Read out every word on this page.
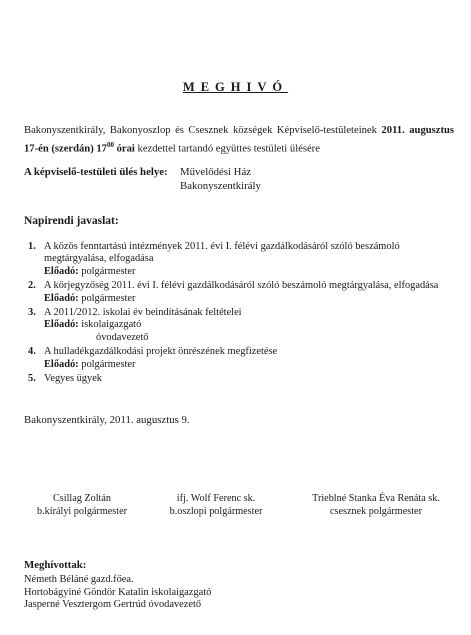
MEGHIVÓ
Bakonyszentkirály, Bakonyoszlop és Csesznek községek Képviselő-testületeinek 2011. augusztus 17-én (szerdán) $17^{00}$ órai kezdettel tartandó együttes testületi ülésére
A képviselő-testületi ülés helye: Művelődési Ház
Bakonyszentkirály
Napirendi javaslat:
1. A közös fenntartású intézmények 2011. évi I. félévi gazdálkodásáról szóló beszámoló megtárgyalása, elfogadása
Előadó: polgármester
2. A körjegyzőség 2011. évi I. félévi gazdálkodásáról szóló beszámoló megtárgyalása, elfogadása
Előadó: polgármester
3. A 2011/2012. iskolai év beindításának feltételei
Előadó: iskolaigazgató
óvodavezető
4. A hulladékgazdálkodási projekt önrészének megfizetése
Előadó: polgármester
5. Vegyes ügyek
Bakonyszentkirály, 2011. augusztus 9.
Csillag Zoltán
b.királyi polgármester
ifj. Wolf Ferenc sk.
b.oszlopi polgármester
Trieblné Stanka Éva Renáta sk.
csesznek polgármester
Meghívottak:
Németh Béláné gazd.főea.
Hortobágyiné Göndör Katalin iskolaigazgató
Jasperné Vesztergom Gertrúd óvodavezető
